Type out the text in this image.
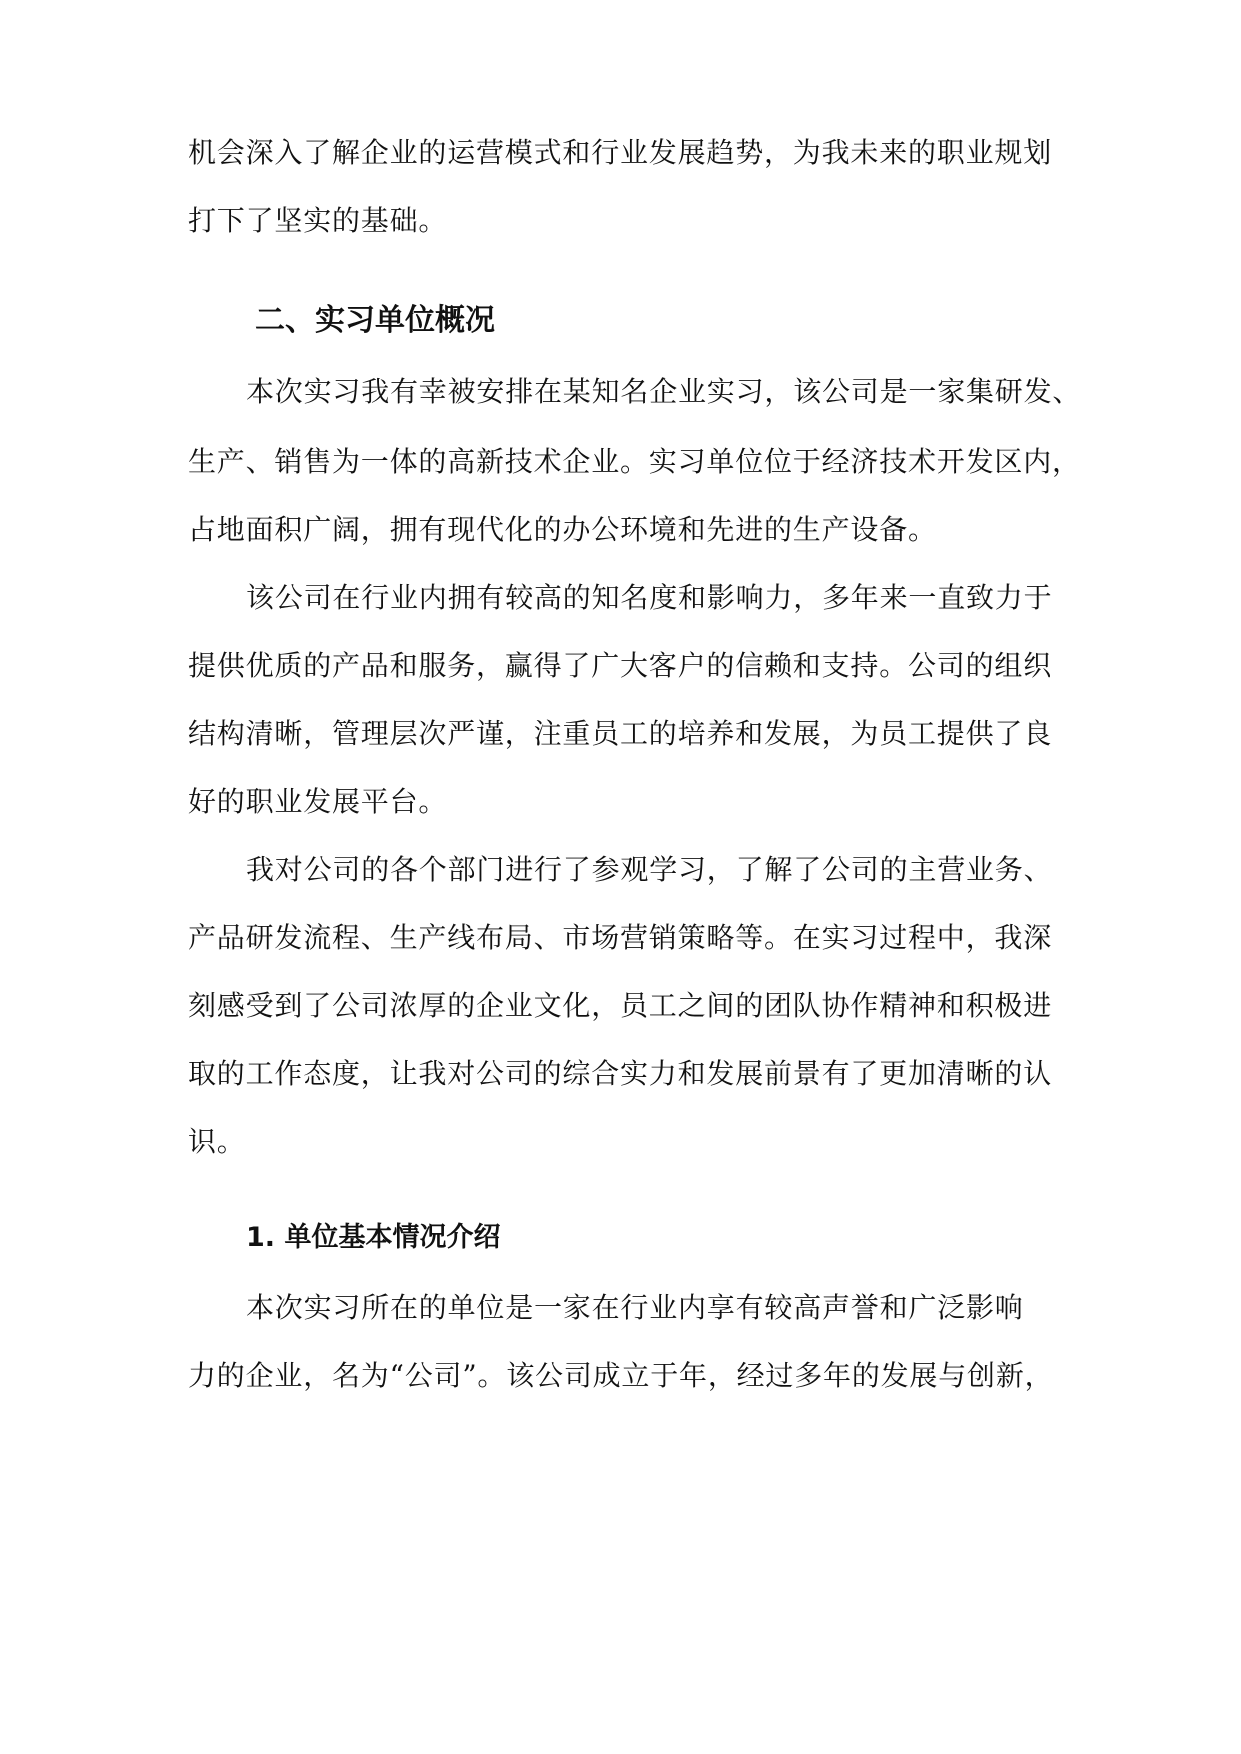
机会深入了解企业的运营模式和行业发展趋势，为我未来的职业规划
打下了坚实的基础。
二、实习单位概况
本次实习我有幸被安排在某知名企业实习，该公司是一家集研发、
生产、销售为一体的高新技术企业。实习单位位于经济技术开发区内，
占地面积广阔，拥有现代化的办公环境和先进的生产设备。
该公司在行业内拥有较高的知名度和影响力，多年来一直致力于
提供优质的产品和服务，赢得了广大客户的信赖和支持。公司的组织
结构清晰，管理层次严谨，注重员工的培养和发展，为员工提供了良
好的职业发展平台。
我对公司的各个部门进行了参观学习，了解了公司的主营业务、
产品研发流程、生产线布局、市场营销策略等。在实习过程中，我深
刻感受到了公司浓厚的企业文化，员工之间的团队协作精神和积极进
取的工作态度，让我对公司的综合实力和发展前景有了更加清晰的认
识。
1. 单位基本情况介绍
本次实习所在的单位是一家在行业内享有较高声誉和广泛影响
力的企业，名为“公司”。该公司成立于年，经过多年的发展与创新，
